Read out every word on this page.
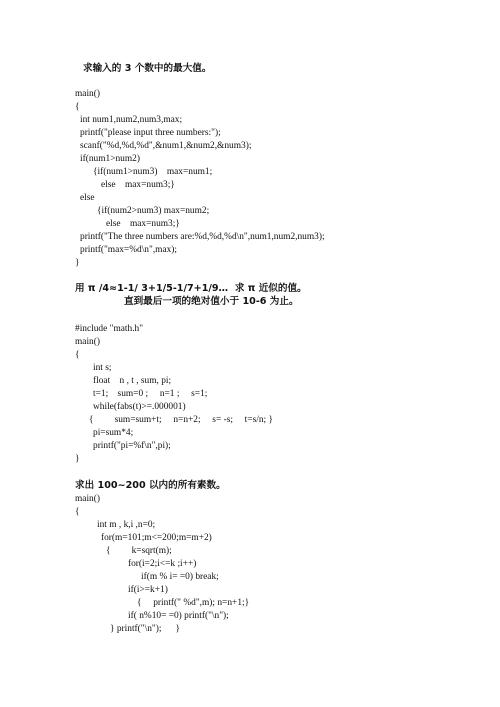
求输入的 3 个数中的最大值。
main()
{
int num1,num2,num3,max;
printf("please input three numbers:");
scanf("%d,%d,%d",&num1,&num2,&num3);
if(num1>num2)
{if(num1>num3)    max=num1;
else    max=num3;}
else
{if(num2>num3) max=num2;
else    max=num3;}
printf("The three numbers are:%d,%d,%d\n",num1,num2,num3);
printf("max=%d\n",max);
}
用 π /4≈1-1/ 3+1/5-1/7+1/9…  求 π 近似的值。
直到最后一项的绝对值小于 10-6 为止。
#include "math.h"
main()
{
int s;
float    n , t , sum, pi;
t=1;    sum=0 ;     n=1 ;     s=1;
while(fabs(t)>=.000001)
{         sum=sum+t;     n=n+2;     s= -s;     t=s/n; }
pi=sum*4;
printf("pi=%f\n",pi);
}
求出 100~200 以内的所有素数。
main()
{
int m , k,i ,n=0;
for(m=101;m<=200;m=m+2)
{         k=sqrt(m);
for(i=2;i<=k ;i++)
if(m % i= =0) break;
if(i>=k+1)
{     printf(" %d",m); n=n+1;}
if( n%10= =0) printf("\n");
} printf("\n");      }
